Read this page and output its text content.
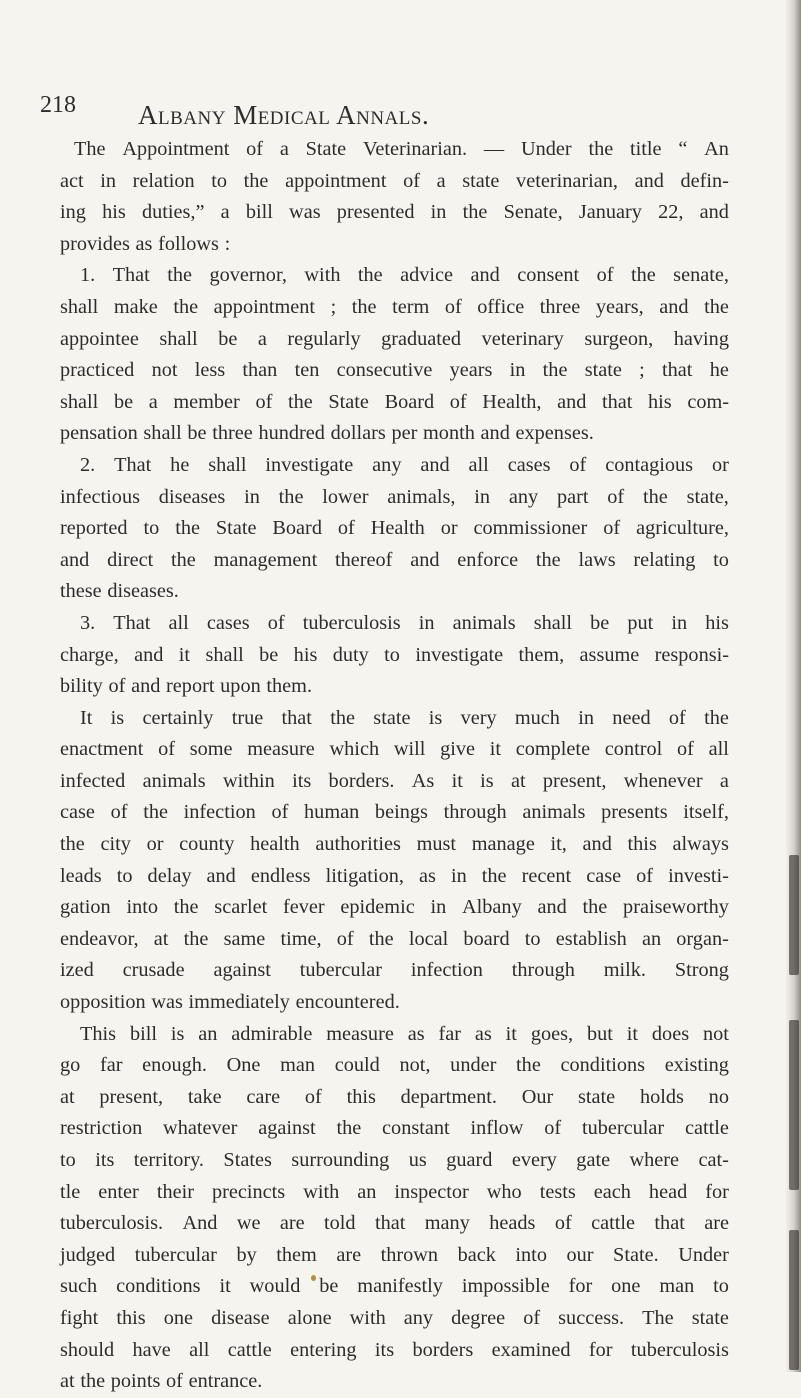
218 Albany Medical Annals.
The Appointment of a State Veterinarian. — Under the title “ An
act in relation to the appointment of a state veterinarian, and defin-
ing his duties,” a bill was presented in the Senate, January 22, and
provides as follows :
1. That the governor, with the advice and consent of the senate,
shall make the appointment ; the term of office three years, and the
appointee shall be a regularly graduated veterinary surgeon, having
practiced not less than ten consecutive years in the state ; that he
shall be a member of the State Board of Health, and that his com-
pensation shall be three hundred dollars per month and expenses.
2. That he shall investigate any and all cases of contagious or
infectious diseases in the lower animals, in any part of the state,
reported to the State Board of Health or commissioner of agriculture,
and direct the management thereof and enforce the laws relating to
these diseases.
3. That all cases of tuberculosis in animals shall be put in his
charge, and it shall be his duty to investigate them, assume responsi-
bility of and report upon them.
It is certainly true that the state is very much in need of the
enactment of some measure which will give it complete control of all
infected animals within its borders. As it is at present, whenever a
case of the infection of human beings through animals presents itself,
the city or county health authorities must manage it, and this always
leads to delay and endless litigation, as in the recent case of investi-
gation into the scarlet fever epidemic in Albany and the praiseworthy
endeavor, at the same time, of the local board to establish an organ-
ized crusade against tubercular infection through milk. Strong
opposition was immediately encountered.
This bill is an admirable measure as far as it goes, but it does not
go far enough. One man could not, under the conditions existing
at present, take care of this department. Our state holds no
restriction whatever against the constant inflow of tubercular cattle
to its territory. States surrounding us guard every gate where cat-
tle enter their precincts with an inspector who tests each head for
tuberculosis. And we are told that many heads of cattle that are
judged tubercular by them are thrown back into our State. Under
such conditions it would be manifestly impossible for one man to
fight this one disease alone with any degree of success. The state
should have all cattle entering its borders examined for tuberculosis
at the points of entrance.
